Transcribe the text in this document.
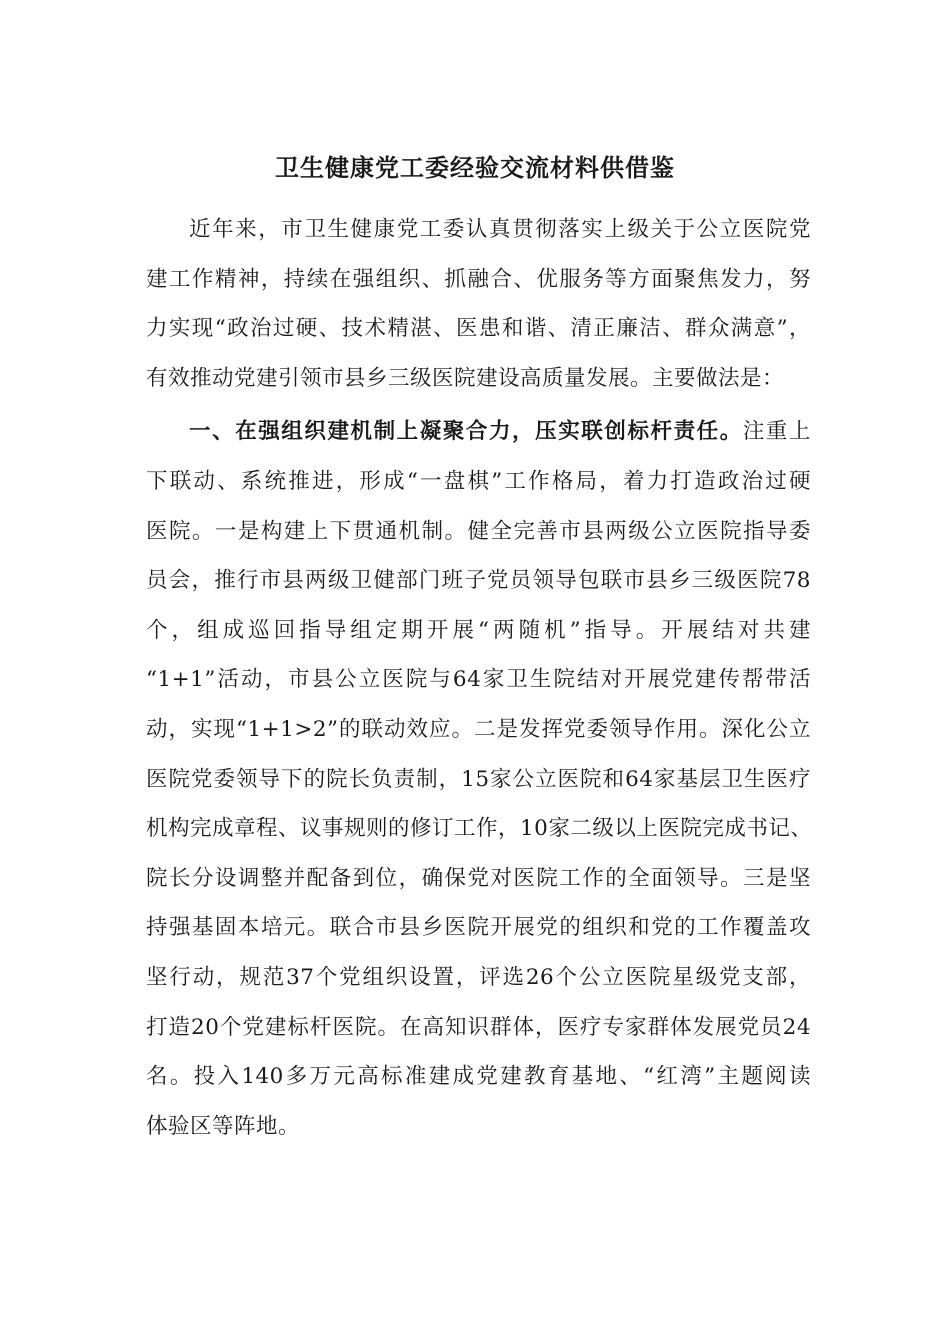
卫生健康党工委经验交流材料供借鉴
近年来，市卫生健康党工委认真贯彻落实上级关于公立医院党
建工作精神，持续在强组织、抓融合、优服务等方面聚焦发力，努
力实现“政治过硬、技术精湛、医患和谐、清正廉洁、群众满意”，
有效推动党建引领市县乡三级医院建设高质量发展。主要做法是：
一、在强组织建机制上凝聚合力，压实联创标杆责任。注重上
下联动、系统推进，形成“一盘棋”工作格局，着力打造政治过硬
医院。一是构建上下贯通机制。健全完善市县两级公立医院指导委
员会，推行市县两级卫健部门班子党员领导包联市县乡三级医院78
个，组成巡回指导组定期开展“两随机”指导。开展结对共建
“1+1”活动，市县公立医院与64家卫生院结对开展党建传帮带活
动，实现“1+1>2”的联动效应。二是发挥党委领导作用。深化公立
医院党委领导下的院长负责制，15家公立医院和64家基层卫生医疗
机构完成章程、议事规则的修订工作，10家二级以上医院完成书记、
院长分设调整并配备到位，确保党对医院工作的全面领导。三是坚
持强基固本培元。联合市县乡医院开展党的组织和党的工作覆盖攻
坚行动，规范37个党组织设置，评选26个公立医院星级党支部，
打造20个党建标杆医院。在高知识群体，医疗专家群体发展党员24
名。投入140多万元高标准建成党建教育基地、“红湾”主题阅读
体验区等阵地。
